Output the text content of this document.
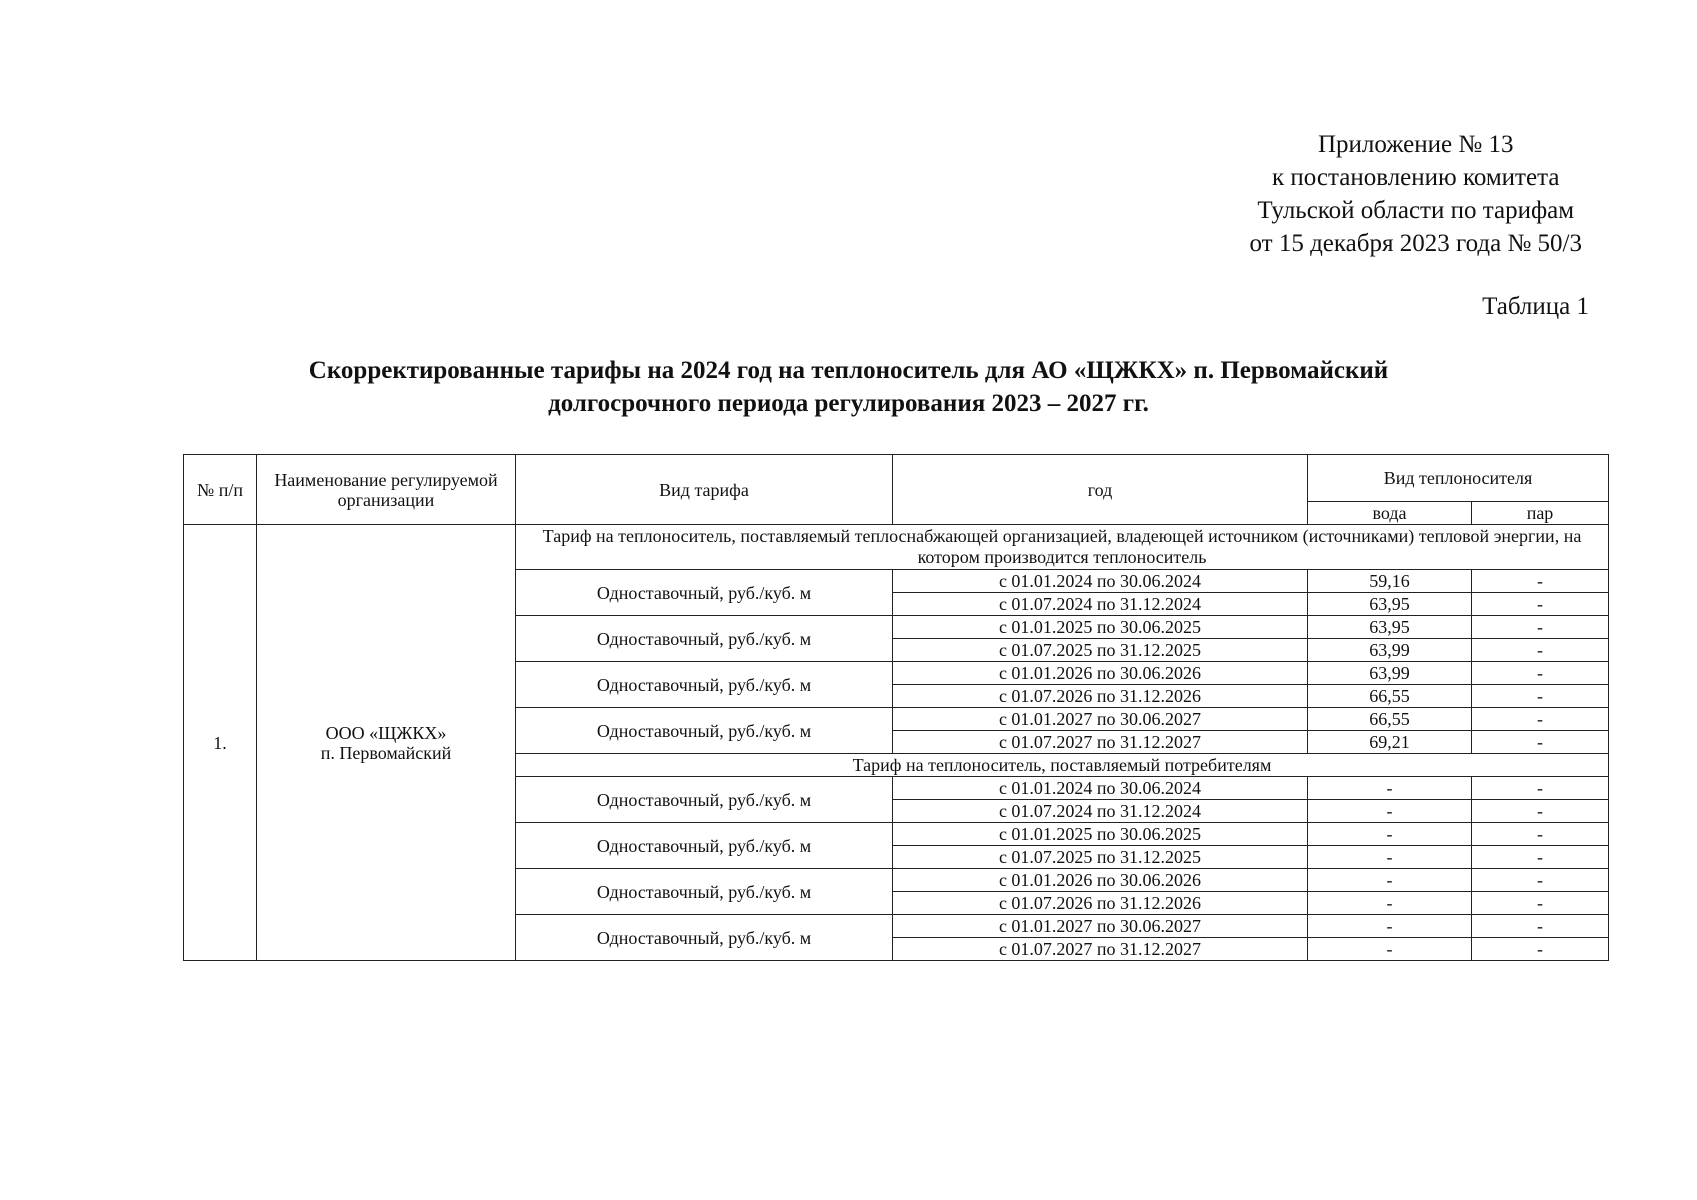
Приложение № 13
к постановлению комитета
Тульской области по тарифам
от 15 декабря 2023 года № 50/3
Таблица 1
Скорректированные тарифы на 2024 год на теплоноситель для АО «ЩЖКХ» п. Первомайский
долгосрочного периода регулирования 2023 – 2027 гг.
№ п/п	Наименование регулируемой организации	Вид тарифа	год	Вид теплоносителя	
				вода	пар
1.	ООО «ЩЖКХ»
п. Первомайский	Тариф на теплоноситель, поставляемый теплоснабжающей организацией, владеющей источником (источниками) тепловой энергии, на котором производится теплоноситель			
		Одноставочный, руб./куб. м	с 01.01.2024 по 30.06.2024	59,16	-
			с 01.07.2024 по 31.12.2024	63,95	-
		Одноставочный, руб./куб. м	с 01.01.2025 по 30.06.2025	63,95	-
			с 01.07.2025 по 31.12.2025	63,99	-
		Одноставочный, руб./куб. м	с 01.01.2026 по 30.06.2026	63,99	-
			с 01.07.2026 по 31.12.2026	66,55	-
		Одноставочный, руб./куб. м	с 01.01.2027 по 30.06.2027	66,55	-
			с 01.07.2027 по 31.12.2027	69,21	-
		Тариф на теплоноситель, поставляемый потребителям			
		Одноставочный, руб./куб. м	с 01.01.2024 по 30.06.2024	-	-
			с 01.07.2024 по 31.12.2024	-	-
		Одноставочный, руб./куб. м	с 01.01.2025 по 30.06.2025	-	-
			с 01.07.2025 по 31.12.2025	-	-
		Одноставочный, руб./куб. м	с 01.01.2026 по 30.06.2026	-	-
			с 01.07.2026 по 31.12.2026	-	-
		Одноставочный, руб./куб. м	с 01.01.2027 по 30.06.2027	-	-
			с 01.07.2027 по 31.12.2027	-	-
